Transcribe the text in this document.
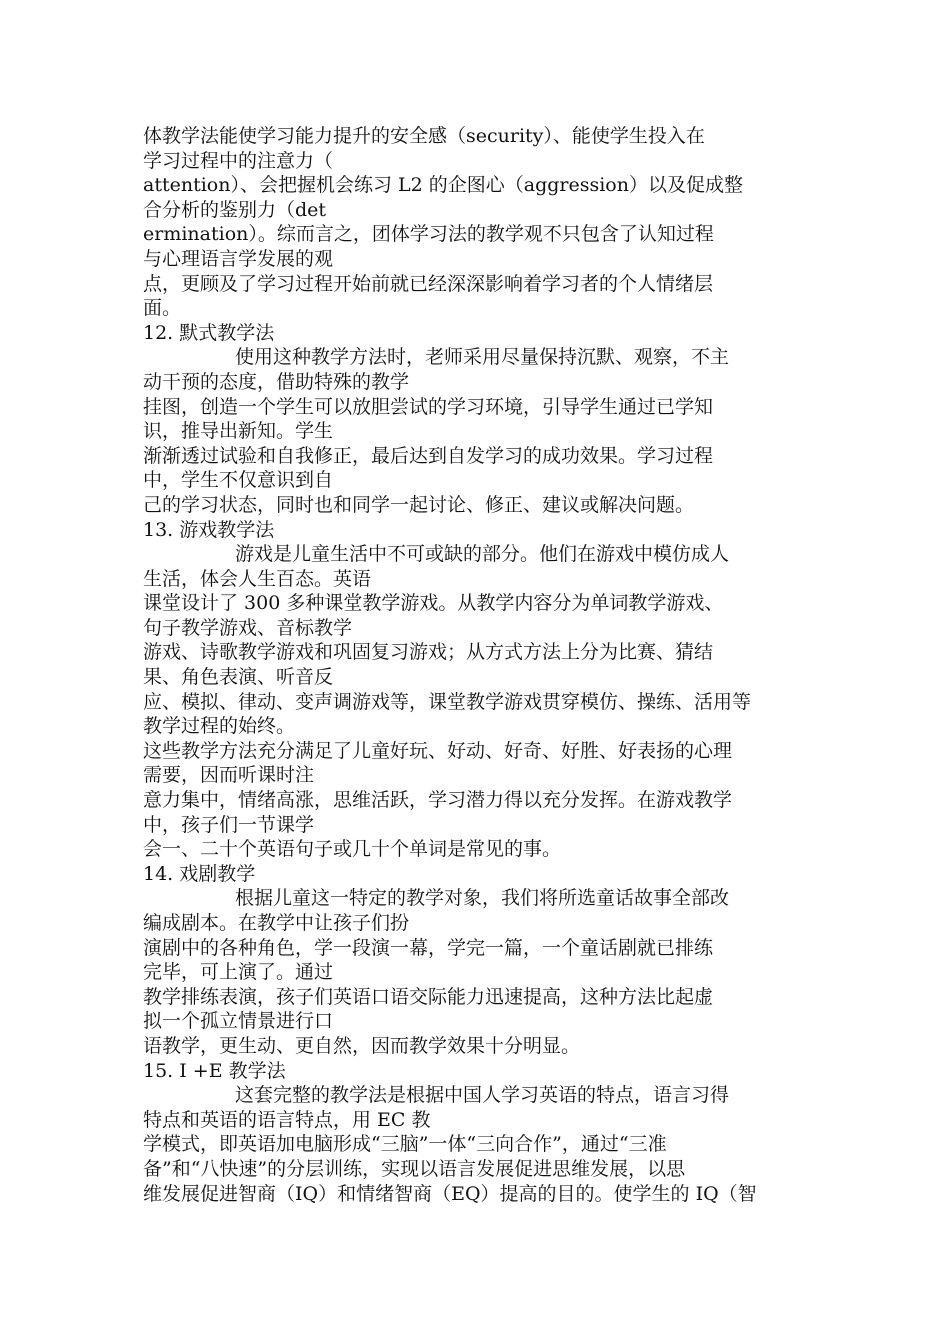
体教学法能使学习能力提升的安全感（security）、能使学生投入在
学习过程中的注意力（
attention）、会把握机会练习 L2 的企图心（aggression）以及促成整
合分析的鉴别力（det
ermination）。综而言之，团体学习法的教学观不只包含了认知过程
与心理语言学发展的观
点，更顾及了学习过程开始前就已经深深影响着学习者的个人情绪层
面。
12. 默式教学法
使用这种教学方法时，老师采用尽量保持沉默、观察，不主
动干预的态度，借助特殊的教学
挂图，创造一个学生可以放胆尝试的学习环境，引导学生通过已学知
识，推导出新知。学生
渐渐透过试验和自我修正，最后达到自发学习的成功效果。学习过程
中，学生不仅意识到自
己的学习状态，同时也和同学一起讨论、修正、建议或解决问题。
13. 游戏教学法
游戏是儿童生活中不可或缺的部分。他们在游戏中模仿成人
生活，体会人生百态。英语
课堂设计了 300 多种课堂教学游戏。从教学内容分为单词教学游戏、
句子教学游戏、音标教学
游戏、诗歌教学游戏和巩固复习游戏；从方式方法上分为比赛、猜结
果、角色表演、听音反
应、模拟、律动、变声调游戏等，课堂教学游戏贯穿模仿、操练、活用等
教学过程的始终。
这些教学方法充分满足了儿童好玩、好动、好奇、好胜、好表扬的心理
需要，因而听课时注
意力集中，情绪高涨，思维活跃，学习潜力得以充分发挥。在游戏教学
中，孩子们一节课学
会一、二十个英语句子或几十个单词是常见的事。
14. 戏剧教学
根据儿童这一特定的教学对象，我们将所选童话故事全部改
编成剧本。在教学中让孩子们扮
演剧中的各种角色，学一段演一幕，学完一篇，一个童话剧就已排练
完毕，可上演了。通过
教学排练表演，孩子们英语口语交际能力迅速提高，这种方法比起虚
拟一个孤立情景进行口
语教学，更生动、更自然，因而教学效果十分明显。
15. I +E 教学法
这套完整的教学法是根据中国人学习英语的特点，语言习得
特点和英语的语言特点，用 EC 教
学模式，即英语加电脑形成“三脑”一体“三向合作”，通过“三准
备”和“八快速”的分层训练，实现以语言发展促进思维发展，以思
维发展促进智商（IQ）和情绪智商（EQ）提高的目的。使学生的 IQ（智
